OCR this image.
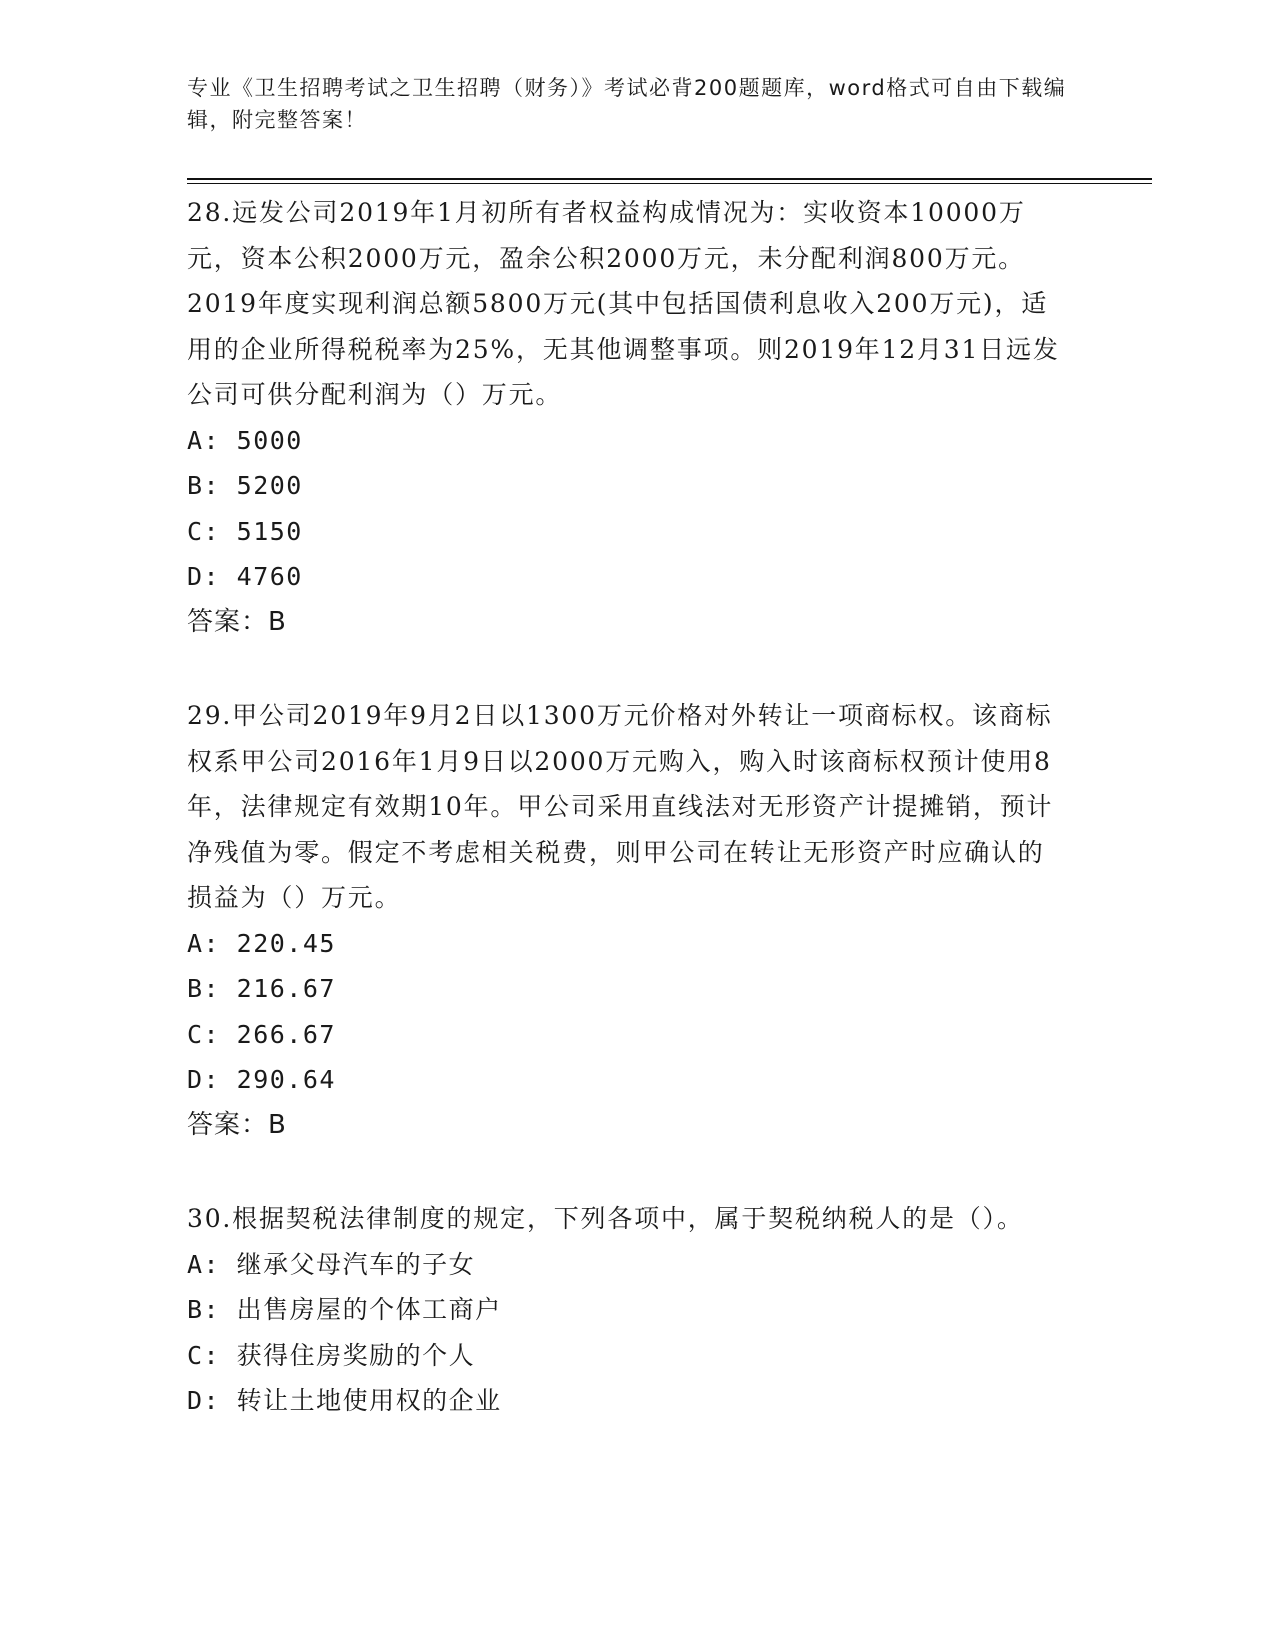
专业《卫生招聘考试之卫生招聘（财务）》考试必背200题题库，word格式可自由下载编辑，附完整答案！

28.远发公司2019年1月初所有者权益构成情况为：实收资本10000万元，资本公积2000万元，盈余公积2000万元，未分配利润800万元。2019年度实现利润总额5800万元(其中包括国债利息收入200万元)，适用的企业所得税税率为25%，无其他调整事项。则2019年12月31日远发公司可供分配利润为（）万元。

A: 5000

B: 5200

C: 5150

D: 4760

答案：B

29.甲公司2019年9月2日以1300万元价格对外转让一项商标权。该商标权系甲公司2016年1月9日以2000万元购入，购入时该商标权预计使用8年，法律规定有效期10年。甲公司采用直线法对无形资产计提摊销，预计净残值为零。假定不考虑相关税费，则甲公司在转让无形资产时应确认的损益为（）万元。

A: 220.45

B: 216.67

C: 266.67

D: 290.64

答案：B

30.根据契税法律制度的规定，下列各项中，属于契税纳税人的是（）。

A: 继承父母汽车的子女

B: 出售房屋的个体工商户

C: 获得住房奖励的个人

D: 转让土地使用权的企业
